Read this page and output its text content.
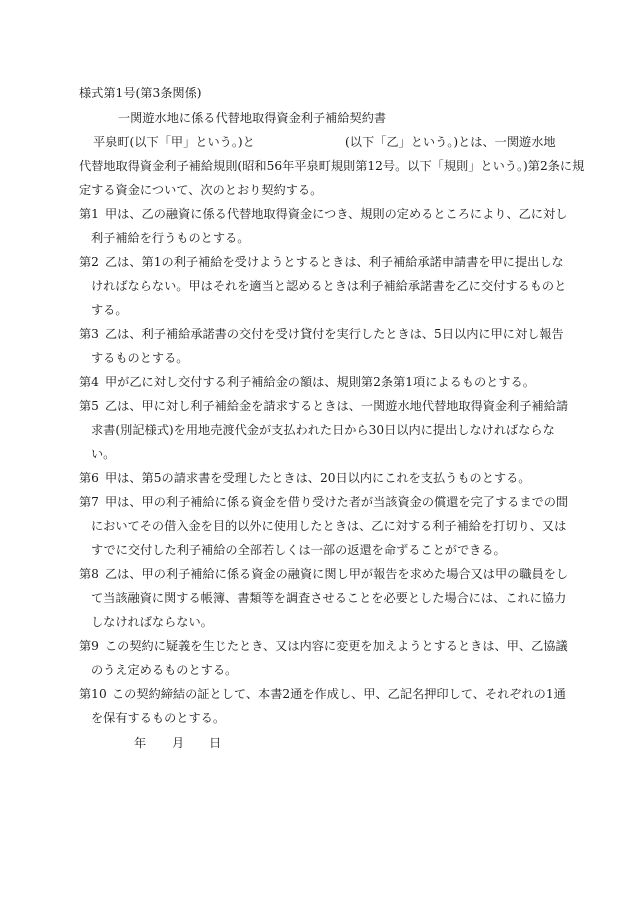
様式第1号(第3条関係)
一関遊水地に係る代替地取得資金利子補給契約書
平泉町(以下「甲」という。)と	(以下「乙」という。)とは、一関遊水地
代替地取得資金利子補給規則(昭和56年平泉町規則第12号。以下「規則」という。)第2条に規
定する資金について、次のとおり契約する。
第1 甲は、乙の融資に係る代替地取得資金につき、規則の定めるところにより、乙に対し
利子補給を行うものとする。
第2 乙は、第1の利子補給を受けようとするときは、利子補給承諾申請書を甲に提出しな
ければならない。甲はそれを適当と認めるときは利子補給承諾書を乙に交付するものと
する。
第3 乙は、利子補給承諾書の交付を受け貸付を実行したときは、5日以内に甲に対し報告
するものとする。
第4 甲が乙に対し交付する利子補給金の額は、規則第2条第1項によるものとする。
第5 乙は、甲に対し利子補給金を請求するときは、一関遊水地代替地取得資金利子補給請
求書(別記様式)を用地売渡代金が支払われた日から30日以内に提出しなければならな
い。
第6 甲は、第5の請求書を受理したときは、20日以内にこれを支払うものとする。
第7 甲は、甲の利子補給に係る資金を借り受けた者が当該資金の償還を完了するまでの間
においてその借入金を目的以外に使用したときは、乙に対する利子補給を打切り、又は
すでに交付した利子補給の全部若しくは一部の返還を命ずることができる。
第8 乙は、甲の利子補給に係る資金の融資に関し甲が報告を求めた場合又は甲の職員をし
て当該融資に関する帳簿、書類等を調査させることを必要とした場合には、これに協力
しなければならない。
第9 この契約に疑義を生じたとき、又は内容に変更を加えようとするときは、甲、乙協議
のうえ定めるものとする。
第10 この契約締結の証として、本書2通を作成し、甲、乙記名押印して、それぞれの1通
を保有するものとする。
年 月 日
